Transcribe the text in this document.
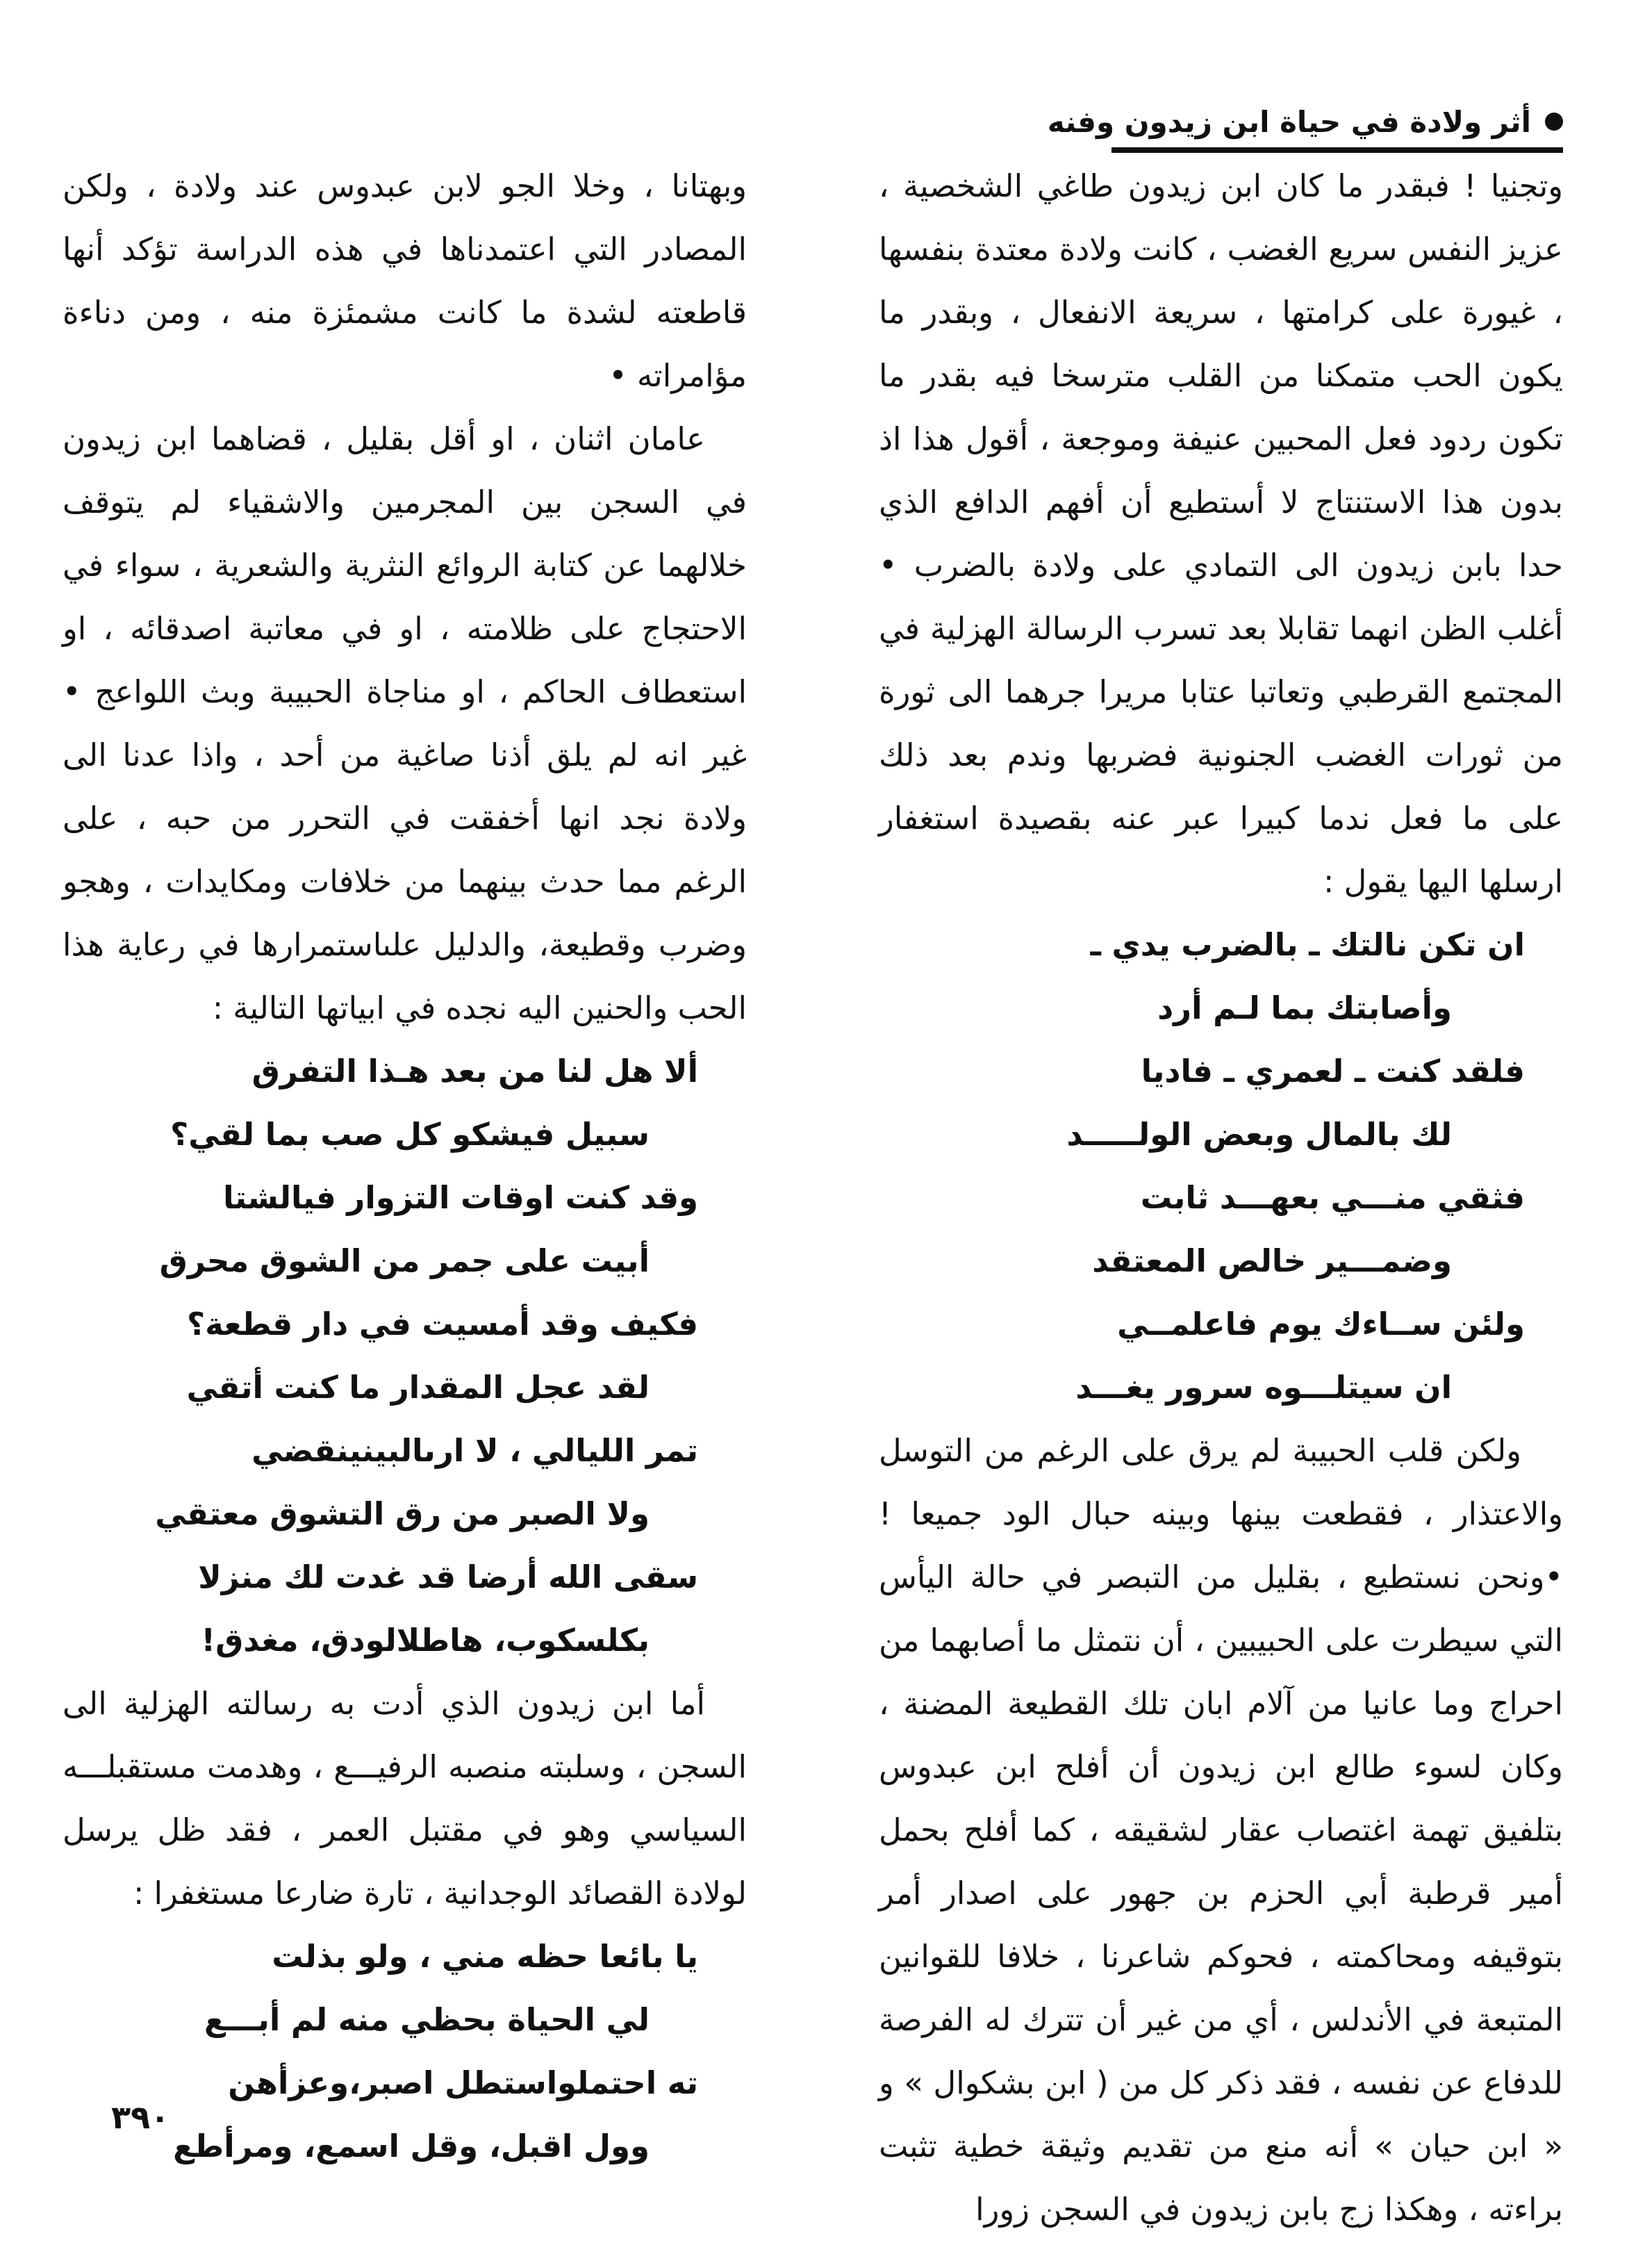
أثر ولادة في حياة ابن زيدون وفنه

وتجنيا ! فبقدر ما كان ابن زيدون طاغي الشخصية ، عزيز النفس سريع الغضب ، كانت ولادة معتدة بنفسها ، غيورة على كرامتها ، سريعة الانفعال ، وبقدر ما يكون الحب متمكنا من القلب مترسخا فيه بقدر ما تكون ردود فعل المحبين عنيفة وموجعة ، أقول هذا اذ بدون هذا الاستنتاج لا أستطيع أن أفهم الدافع الذي حدا بابن زيدون الى التمادي على ولادة بالضرب • أغلب الظن انهما تقابلا بعد تسرب الرسالة الهزلية في المجتمع القرطبي وتعاتبا عتابا مريرا جرهما الى ثورة من ثورات الغضب الجنونية فضربها وندم بعد ذلك على ما فعل ندما كبيرا عبر عنه بقصيدة استغفار ارسلها اليها يقول :

ان تكن نالتك ـ بالضرب يدي ـ

وأصابتك بما لـم أرد

فلقد كنت ـ لعمري ـ فاديا

لك بالمال وبعض الولـــــد

فثقي منـــي بعهـــد ثابت

وضمـــير خالص المعتقد

ولئن ســاءك يوم فاعلمــي

ان سيتلـــوه سرور يغـــد

ولكن قلب الحبيبة لم يرق على الرغم من التوسل والاعتذار ، فقطعت بينها وبينه حبال الود جميعا !•ونحن نستطيع ، بقليل من التبصر في حالة اليأس التي سيطرت على الحبيبين ، أن نتمثل ما أصابهما من احراج وما عانيا من آلام ابان تلك القطيعة المضنة ، وكان لسوء طالع ابن زيدون أن أفلح ابن عبدوس بتلفيق تهمة اغتصاب عقار لشقيقه ، كما أفلح بحمل أمير قرطبة أبي الحزم بن جهور على اصدار أمر بتوقيفه ومحاكمته ، فحوكم شاعرنا ، خلافا للقوانين المتبعة في الأندلس ، أي من غير أن تترك له الفرصة للدفاع عن نفسه ، فقد ذكر كل من ( ابن بشكوال » و « ابن حيان » أنه منع من تقديم وثيقة خطية تثبت براءته ، وهكذا زج بابن زيدون في السجن زورا

وبهتانا ، وخلا الجو لابن عبدوس عند ولادة ، ولكن المصادر التي اعتمدناها في هذه الدراسة تؤكد أنها قاطعته لشدة ما كانت مشمئزة منه ، ومن دناءة مؤامراته •

عامان اثنان ، او أقل بقليل ، قضاهما ابن زيدون في السجن بين المجرمين والاشقياء لم يتوقف خلالهما عن كتابة الروائع النثرية والشعرية ، سواء في الاحتجاج على ظلامته ، او في معاتبة اصدقائه ، او استعطاف الحاكم ، او مناجاة الحبيبة وبث اللواعج • غير انه لم يلق أذنا صاغية من أحد ، واذا عدنا الى ولادة نجد انها أخفقت في التحرر من حبه ، على الرغم مما حدث بينهما من خلافات ومكايدات ، وهجو وضرب وقطيعة، والدليل علىاستمرارها في رعاية هذا الحب والحنين اليه نجده في ابياتها التالية :

ألا هل لنا من بعد هـذا التفرق

سبيل فيشكو كل صب بما لقي؟

وقد كنت اوقات التزوار فيالشتا

أبيت على جمر من الشوق محرق

فكيف وقد أمسيت في دار قطعة؟

لقد عجل المقدار ما كنت أتقي

تمر الليالي ، لا ارىالبينينقضي

ولا الصبر من رق التشوق معتقي

سقى الله أرضا قد غدت لك منزلا

بكلسكوب، هاطلالودق، مغدق!

أما ابن زيدون الذي أدت به رسالته الهزلية الى السجن ، وسلبته منصبه الرفيـــع ، وهدمت مستقبلـــه السياسي وهو في مقتبل العمر ، فقد ظل يرسل لولادة القصائد الوجدانية ، تارة ضارعا مستغفرا :

يا بائعا حظه مني ، ولو بذلت

لي الحياة بحظي منه لم أبـــع

ته احتملواستطل اصبر،وعزأهن

وول اقبل، وقل اسمع، ومرأطع

٣٩٠
